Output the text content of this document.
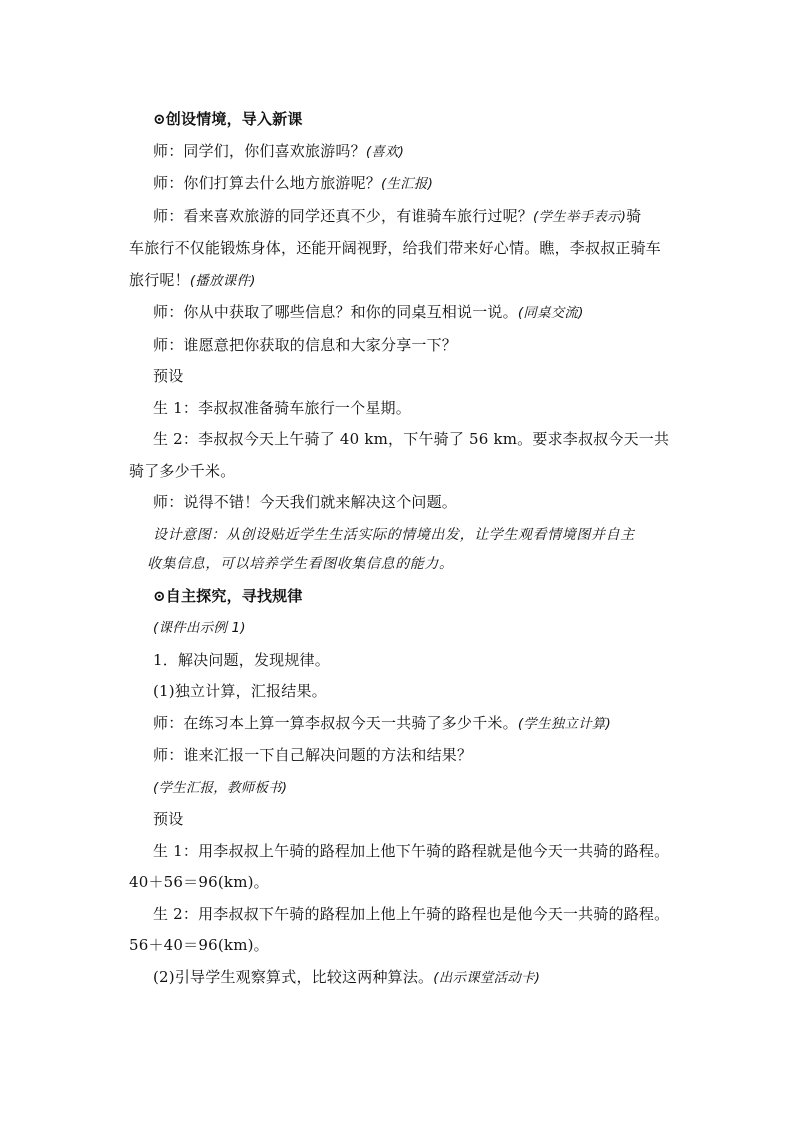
⊙创设情境，导入新课

师：同学们，你们喜欢旅游吗？(喜欢)

师：你们打算去什么地方旅游呢？(生汇报)

师：看来喜欢旅游的同学还真不少，有谁骑车旅行过呢？(学生举手表示)骑
车旅行不仅能锻炼身体，还能开阔视野，给我们带来好心情。瞧，李叔叔正骑车
旅行呢！(播放课件)

师：你从中获取了哪些信息？和你的同桌互相说一说。(同桌交流)

师：谁愿意把你获取的信息和大家分享一下？

预设

生 1：李叔叔准备骑车旅行一个星期。

生 2：李叔叔今天上午骑了 40 km，下午骑了 56 km。要求李叔叔今天一共
骑了多少千米。

师：说得不错！今天我们就来解决这个问题。

设计意图：从创设贴近学生生活实际的情境出发，让学生观看情境图并自主
收集信息，可以培养学生看图收集信息的能力。

⊙自主探究，寻找规律

(课件出示例 1)

1．解决问题，发现规律。

(1)独立计算，汇报结果。

师：在练习本上算一算李叔叔今天一共骑了多少千米。(学生独立计算)

师：谁来汇报一下自己解决问题的方法和结果？

(学生汇报，教师板书)

预设

生 1：用李叔叔上午骑的路程加上他下午骑的路程就是他今天一共骑的路程。
40＋56＝96(km)。

生 2：用李叔叔下午骑的路程加上他上午骑的路程也是他今天一共骑的路程。
56＋40＝96(km)。

(2)引导学生观察算式，比较这两种算法。(出示课堂活动卡)
